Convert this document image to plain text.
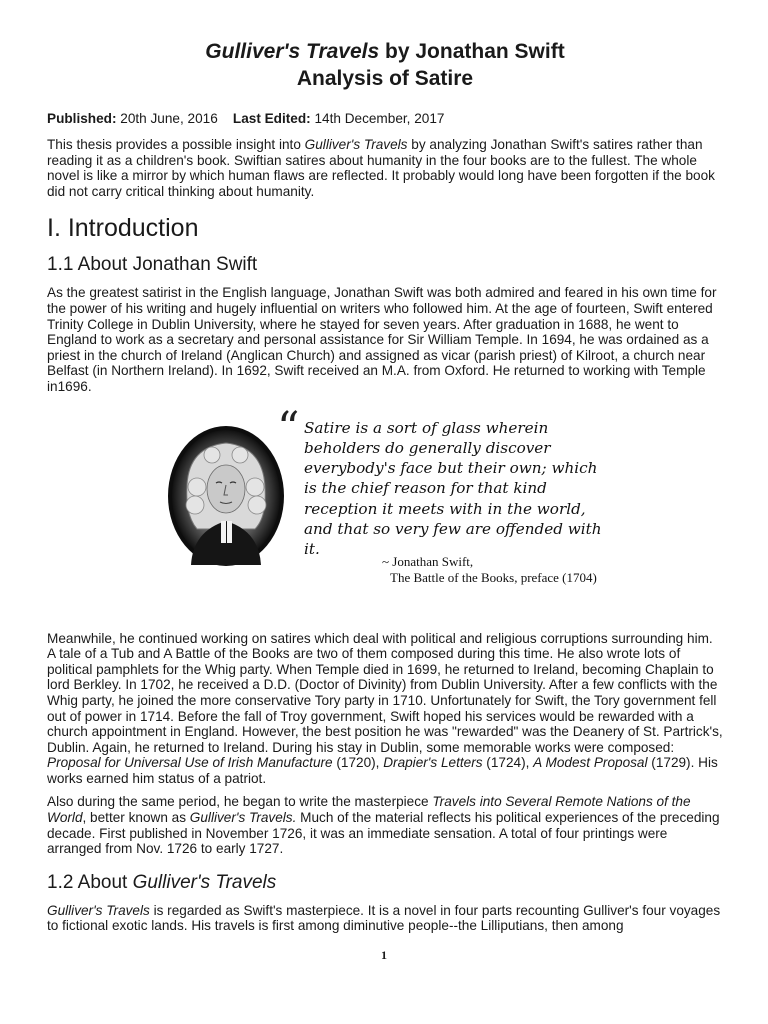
Gulliver's Travels by Jonathan Swift
Analysis of Satire
Published: 20th June, 2016 Last Edited: 14th December, 2017

This thesis provides a possible insight into Gulliver's Travels by analyzing Jonathan Swift's satires rather than reading it as a children's book. Swiftian satires about humanity in the four books are to the fullest. The whole novel is like a mirror by which human flaws are reflected. It probably would long have been forgotten if the book did not carry critical thinking about humanity.

I. Introduction
1.1 About Jonathan Swift

As the greatest satirist in the English language, Jonathan Swift was both admired and feared in his own time for the power of his writing and hugely influential on writers who followed him. At the age of fourteen, Swift entered Trinity College in Dublin University, where he stayed for seven years. After graduation in 1688, he went to England to work as a secretary and personal assistance for Sir William Temple. In 1694, he was ordained as a priest in the church of Ireland (Anglican Church) and assigned as vicar (parish priest) of Kilroot, a church near Belfast (in Northern Ireland). In 1692, Swift received an M.A. from Oxford. He returned to working with Temple in1696.

“ Satire is a sort of glass wherein beholders do generally discover everybody's face but their own; which is the chief reason for that kind reception it meets with in the world, and that so very few are offended with it.
~ Jonathan Swift,
The Battle of the Books, preface (1704)

Meanwhile, he continued working on satires which deal with political and religious corruptions surrounding him. A tale of a Tub and A Battle of the Books are two of them composed during this time. He also wrote lots of political pamphlets for the Whig party. When Temple died in 1699, he returned to Ireland, becoming Chaplain to lord Berkley. In 1702, he received a D.D. (Doctor of Divinity) from Dublin University. After a few conflicts with the Whig party, he joined the more conservative Tory party in 1710. Unfortunately for Swift, the Tory government fell out of power in 1714. Before the fall of Troy government, Swift hoped his services would be rewarded with a church appointment in England. However, the best position he was "rewarded" was the Deanery of St. Partrick's, Dublin. Again, he returned to Ireland. During his stay in Dublin, some memorable works were composed: Proposal for Universal Use of Irish Manufacture (1720), Drapier's Letters (1724), A Modest Proposal (1729). His works earned him status of a patriot.

Also during the same period, he began to write the masterpiece Travels into Several Remote Nations of the World, better known as Gulliver's Travels. Much of the material reflects his political experiences of the preceding decade. First published in November 1726, it was an immediate sensation. A total of four printings were arranged from Nov. 1726 to early 1727.

1.2 About Gulliver's Travels

Gulliver's Travels is regarded as Swift's masterpiece. It is a novel in four parts recounting Gulliver's four voyages to fictional exotic lands. His travels is first among diminutive people--the Lilliputians, then among

1
